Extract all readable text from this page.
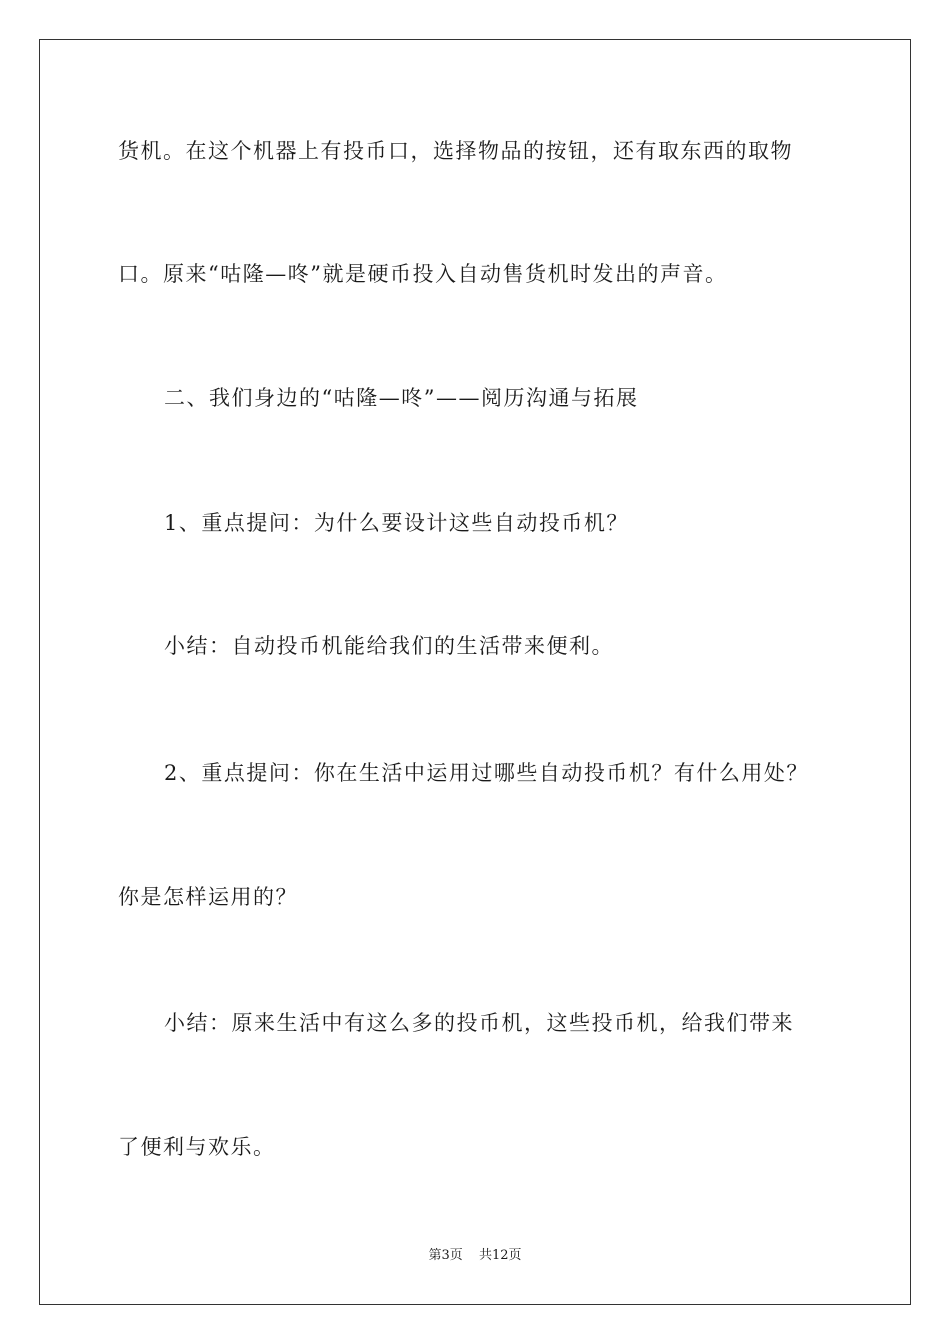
货机。在这个机器上有投币口，选择物品的按钮，还有取东西的取物
口。原来“咕隆—咚”就是硬币投入自动售货机时发出的声音。
二、我们身边的“咕隆—咚”——阅历沟通与拓展
1、重点提问：为什么要设计这些自动投币机？
小结：自动投币机能给我们的生活带来便利。
2、重点提问：你在生活中运用过哪些自动投币机？有什么用处？
你是怎样运用的？
小结：原来生活中有这么多的投币机，这些投币机，给我们带来
了便利与欢乐。
第3页 共12页
